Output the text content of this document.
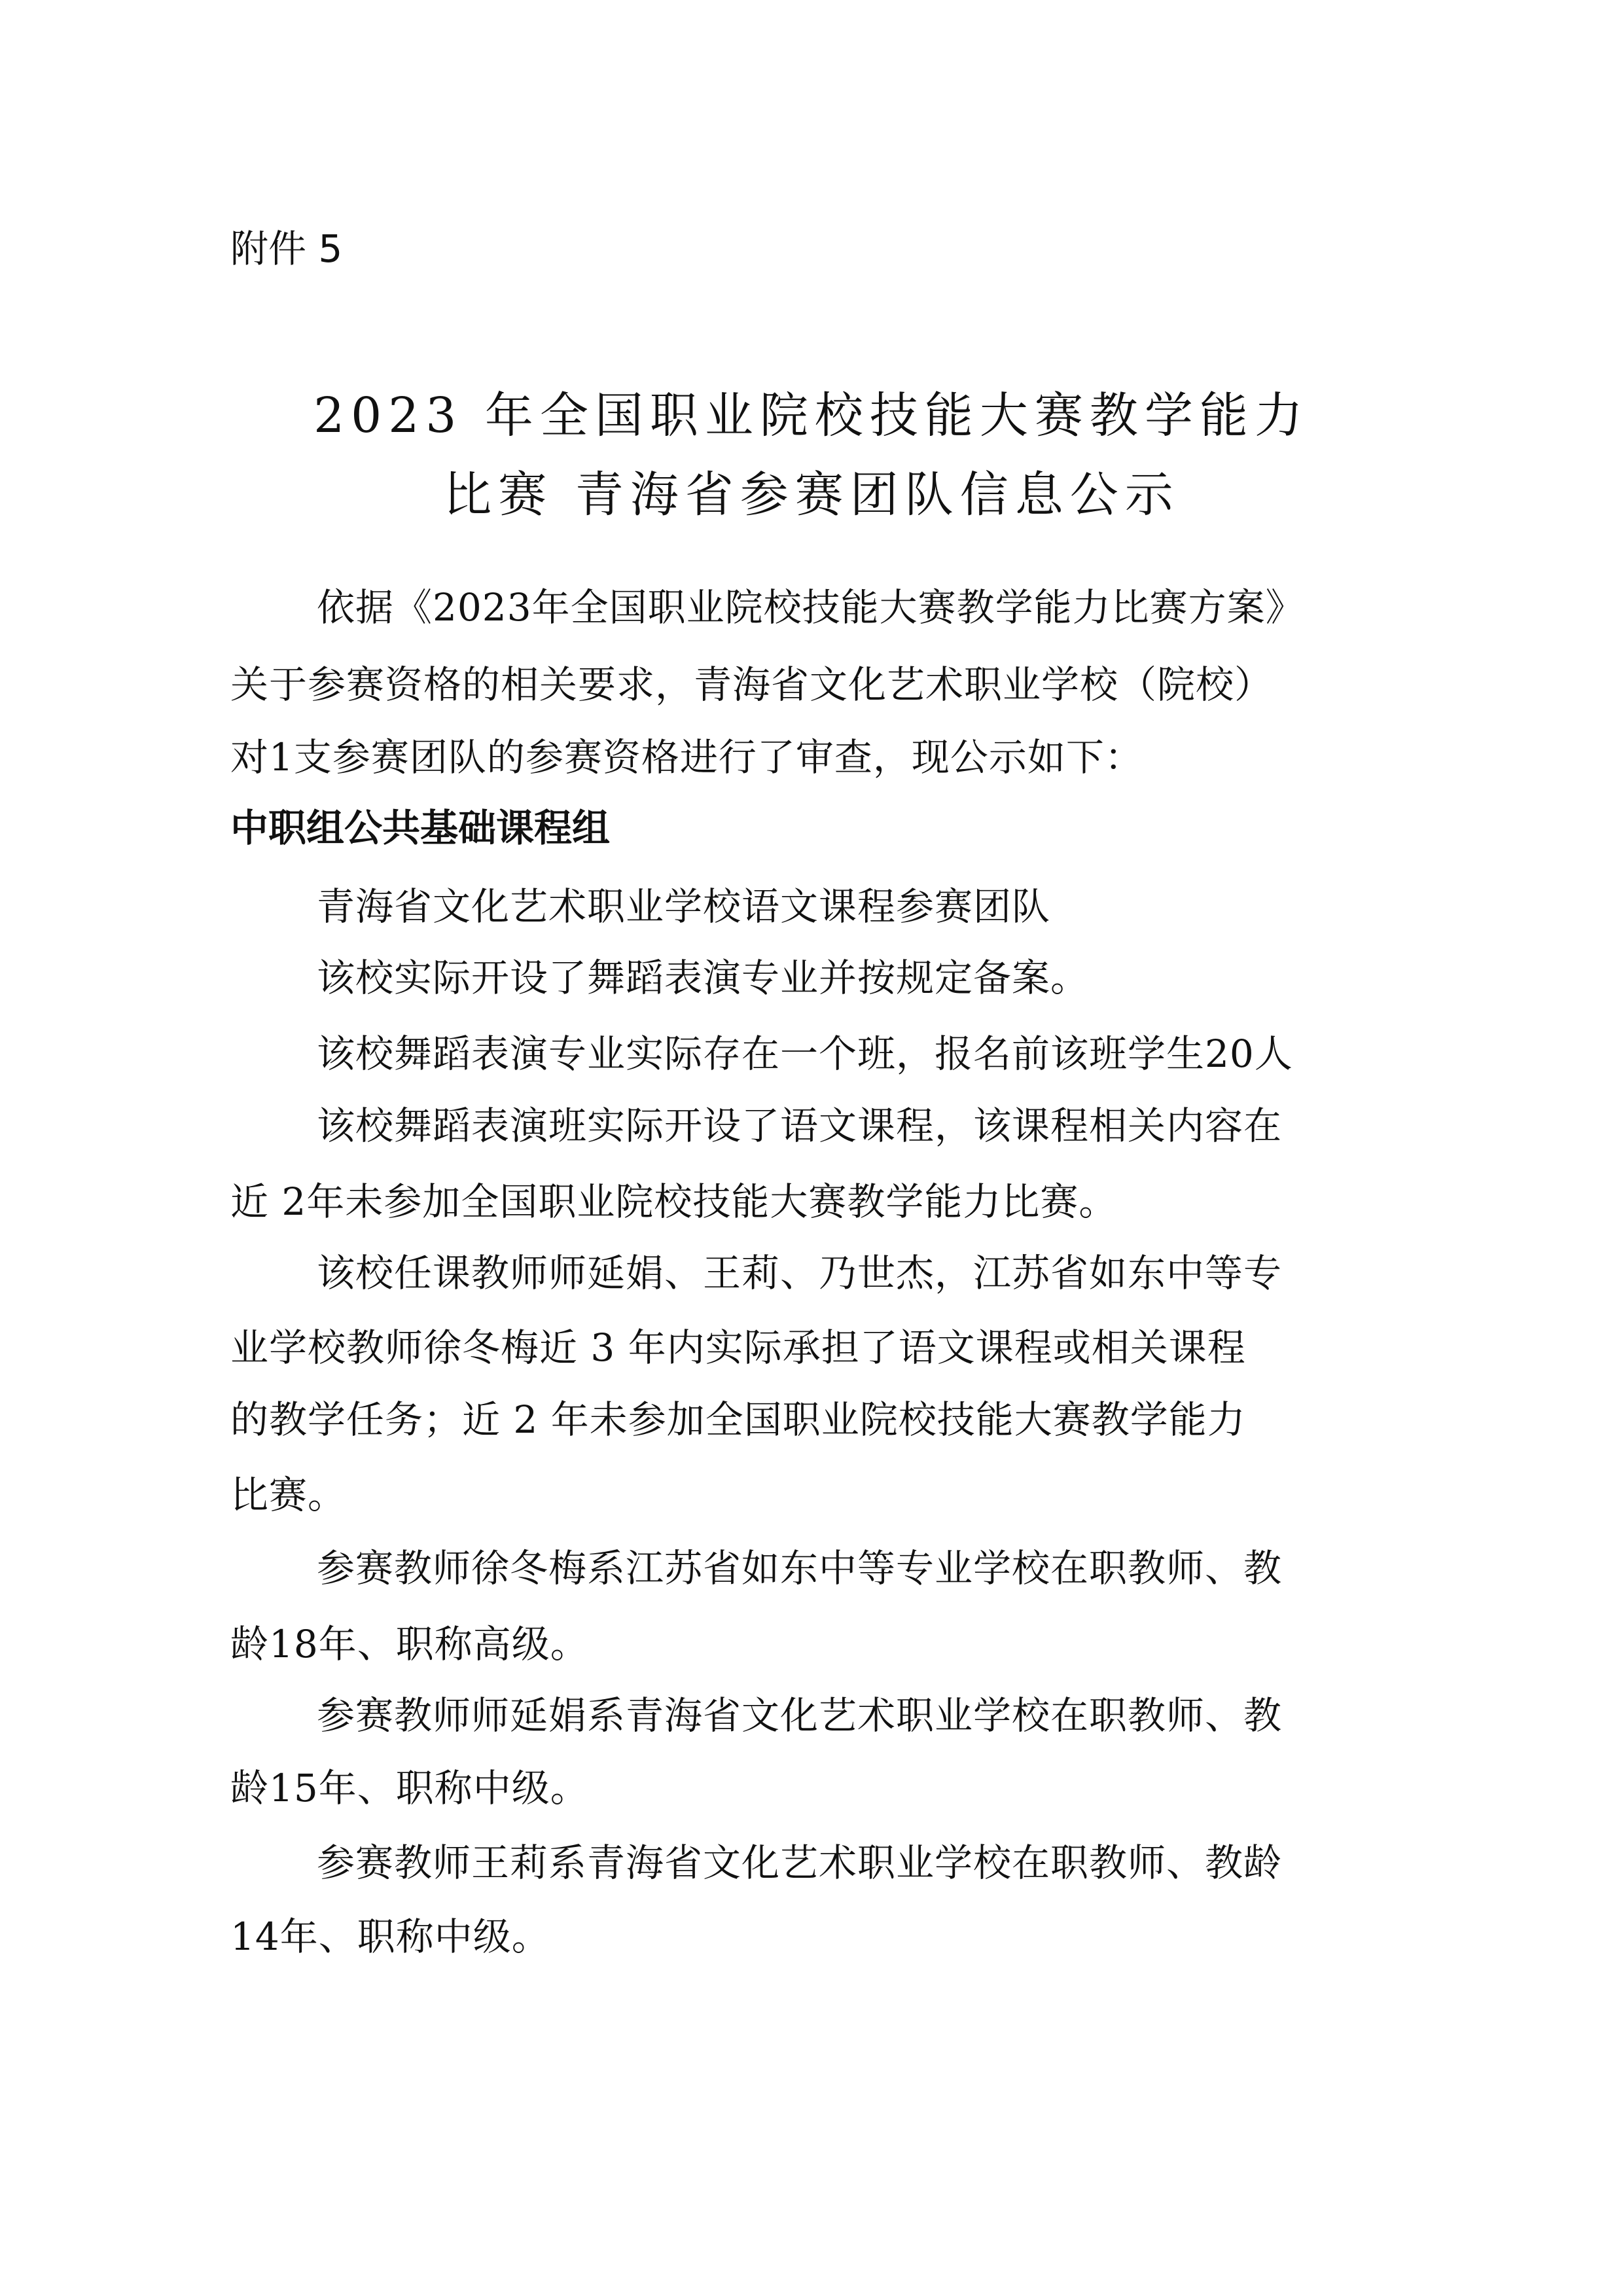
附件 5
2023 年全国职业院校技能大赛教学能力
比赛 青海省参赛团队信息公示
依据《2023年全国职业院校技能大赛教学能力比赛方案》
关于参赛资格的相关要求，青海省文化艺术职业学校（院校）
对1支参赛团队的参赛资格进行了审查，现公示如下：
中职组公共基础课程组
青海省文化艺术职业学校语文课程参赛团队
该校实际开设了舞蹈表演专业并按规定备案。
该校舞蹈表演专业实际存在一个班，报名前该班学生20人
该校舞蹈表演班实际开设了语文课程，该课程相关内容在
近 2年未参加全国职业院校技能大赛教学能力比赛。
该校任课教师师延娟、王莉、乃世杰，江苏省如东中等专
业学校教师徐冬梅近 3 年内实际承担了语文课程或相关课程
的教学任务；近 2 年未参加全国职业院校技能大赛教学能力
比赛。
参赛教师徐冬梅系江苏省如东中等专业学校在职教师、教
龄18年、职称高级。
参赛教师师延娟系青海省文化艺术职业学校在职教师、教
龄15年、职称中级。
参赛教师王莉系青海省文化艺术职业学校在职教师、教龄
14年、职称中级。
